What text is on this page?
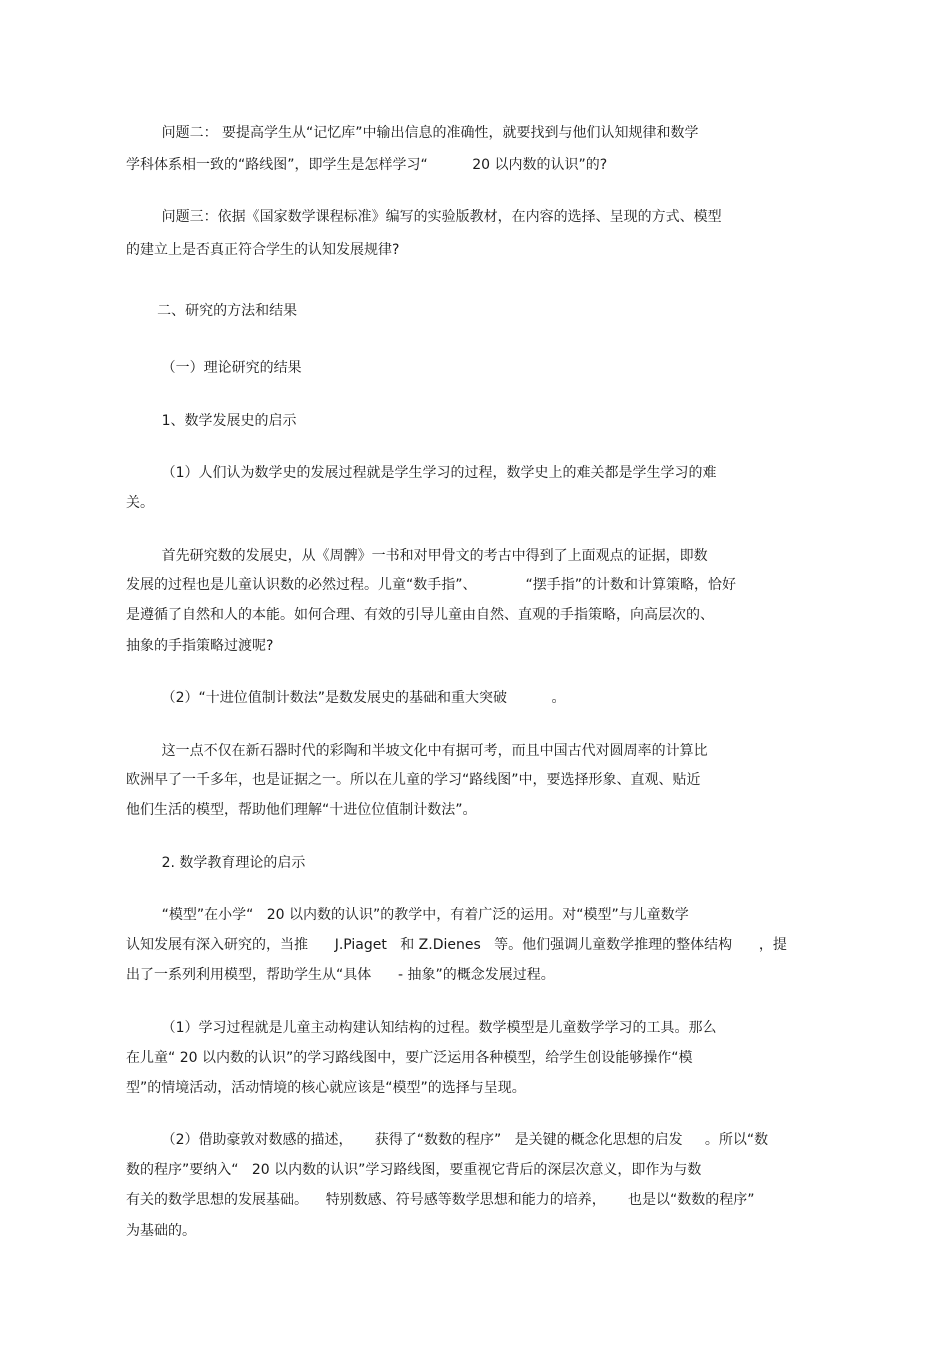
问题二： 要提高学生从“记忆库”中输出信息的准确性，就要找到与他们认知规律和数学

学科体系相一致的“路线图”，即学生是怎样学习“          20 以内数的认识”的?

问题三：依据《国家数学课程标准》编写的实验版教材，在内容的选择、呈现的方式、模型

的建立上是否真正符合学生的认知发展规律?

二、研究的方法和结果

（一）理论研究的结果

1、数学发展史的启示

（1）人们认为数学史的发展过程就是学生学习的过程，数学史上的难关都是学生学习的难

关。

首先研究数的发展史，从《周髀》一书和对甲骨文的考古中得到了上面观点的证据，即数

发展的过程也是儿童认识数的必然过程。儿童“数手指”、           “摆手指”的计数和计算策略，恰好

是遵循了自然和人的本能。如何合理、有效的引导儿童由自然、直观的手指策略，向高层次的、

抽象的手指策略过渡呢?

（2）“十进位值制计数法”是数发展史的基础和重大突破          。

这一点不仅在新石器时代的彩陶和半坡文化中有据可考，而且中国古代对圆周率的计算比

欧洲早了一千多年，也是证据之一。所以在儿童的学习“路线图”中，要选择形象、直观、贴近

他们生活的模型，帮助他们理解“十进位位值制计数法”。

2. 数学教育理论的启示

“模型”在小学“   20 以内数的认识”的教学中，有着广泛的运用。对“模型”与儿童数学

认知发展有深入研究的，当推      J.Piaget   和 Z.Dienes   等。他们强调儿童数学推理的整体结构      ，提

出了一系列利用模型，帮助学生从“具体      - 抽象”的概念发展过程。

（1）学习过程就是儿童主动构建认知结构的过程。数学模型是儿童数学学习的工具。那么

在儿童“ 20 以内数的认识”的学习路线图中，要广泛运用各种模型，给学生创设能够操作“模

型”的情境活动，活动情境的核心就应该是“模型”的选择与呈现。

（2）借助豪敦对数感的描述，     获得了“数数的程序”   是关键的概念化思想的启发     。所以“数

数的程序”要纳入“   20 以内数的认识”学习路线图，要重视它背后的深层次意义，即作为与数

有关的数学思想的发展基础。    特别数感、符号感等数学思想和能力的培养，     也是以“数数的程序”

为基础的。
